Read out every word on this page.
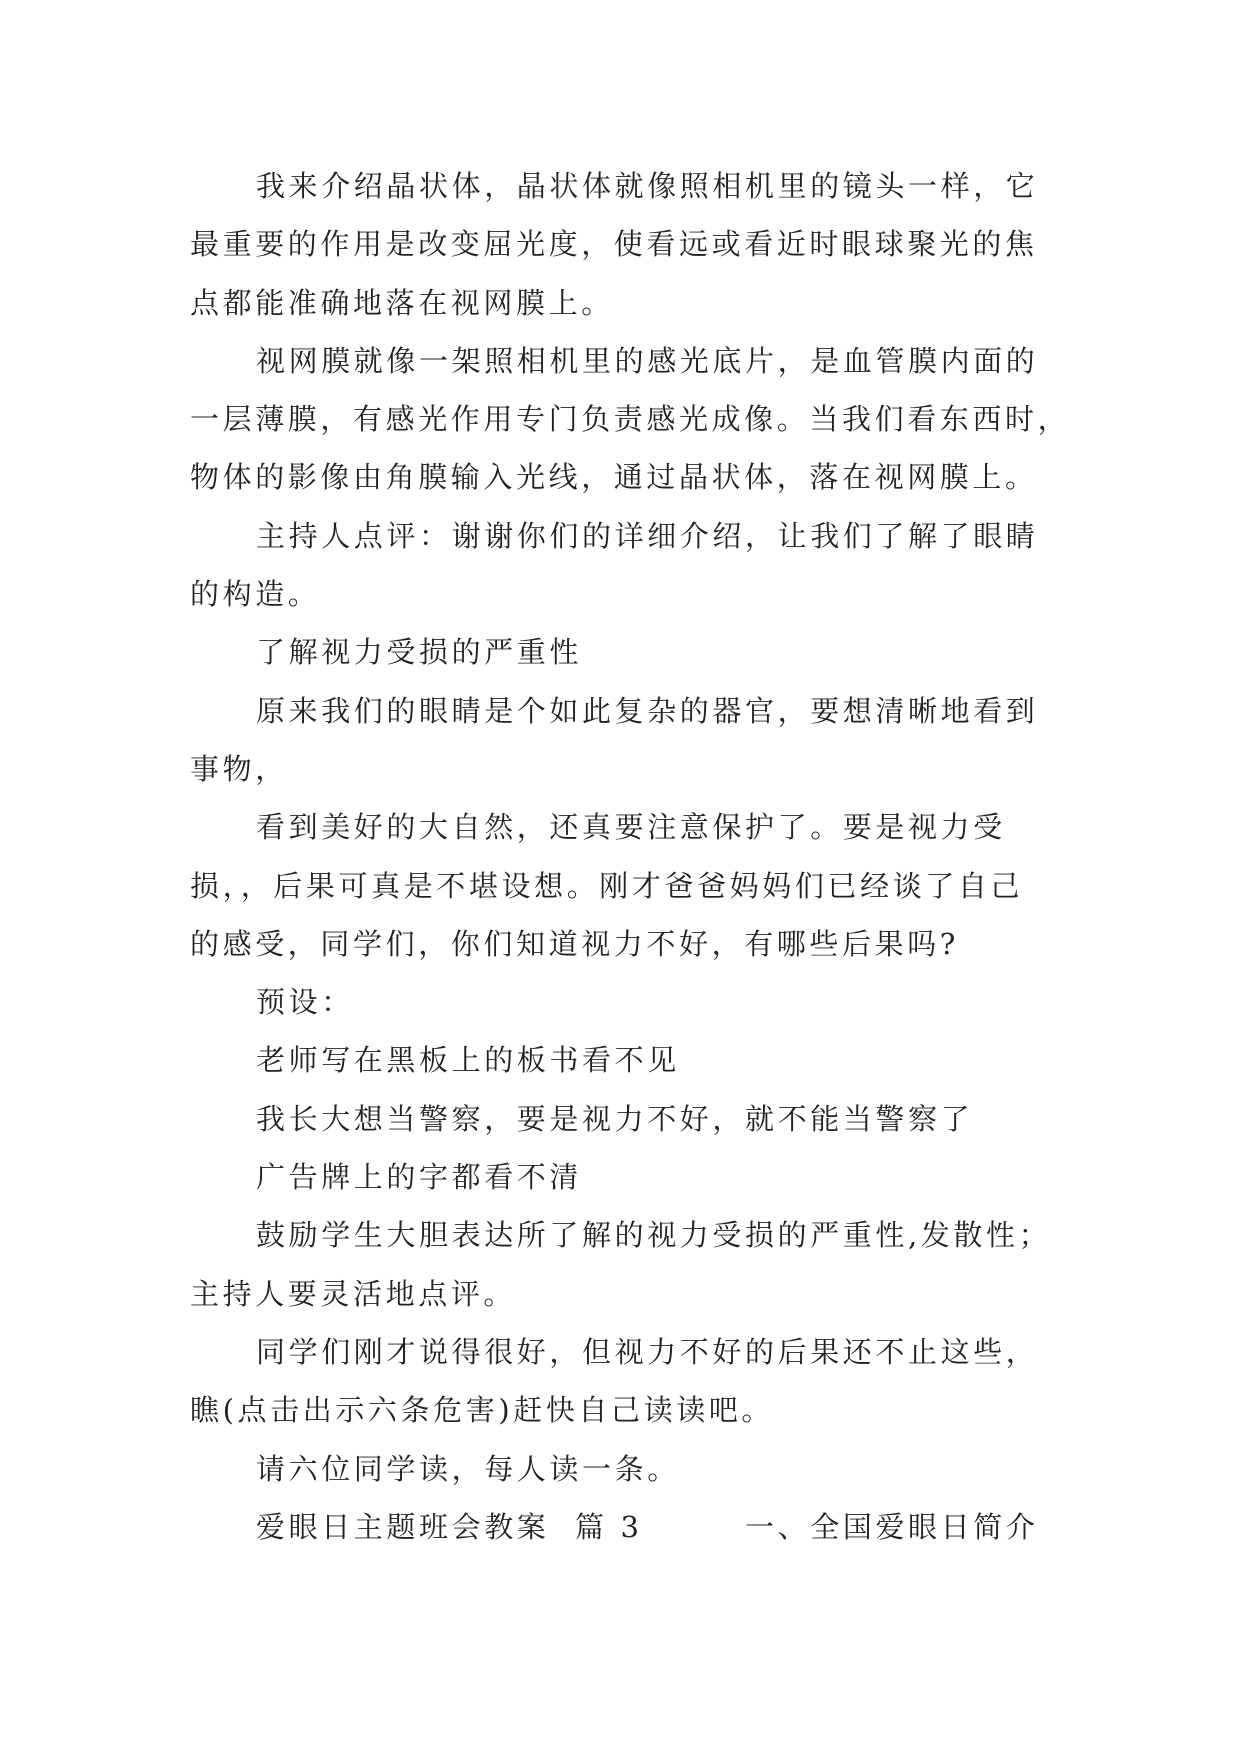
我来介绍晶状体，晶状体就像照相机里的镜头一样，它
最重要的作用是改变屈光度，使看远或看近时眼球聚光的焦
点都能准确地落在视网膜上。
视网膜就像一架照相机里的感光底片，是血管膜内面的
一层薄膜，有感光作用专门负责感光成像。当我们看东西时，
物体的影像由角膜输入光线，通过晶状体，落在视网膜上。
主持人点评：谢谢你们的详细介绍，让我们了解了眼睛
的构造。
了解视力受损的严重性
原来我们的眼睛是个如此复杂的器官，要想清晰地看到
事物，
看到美好的大自然，还真要注意保护了。要是视力受
损，，后果可真是不堪设想。刚才爸爸妈妈们已经谈了自己
的感受，同学们，你们知道视力不好，有哪些后果吗?
预设：
老师写在黑板上的板书看不见
我长大想当警察，要是视力不好，就不能当警察了
广告牌上的字都看不清
鼓励学生大胆表达所了解的视力受损的严重性,发散性；
主持人要灵活地点评。
同学们刚才说得很好，但视力不好的后果还不止这些，
瞧(点击出示六条危害)赶快自己读读吧。
请六位同学读，每人读一条。
爱眼日主题班会教案  篇 3        一、全国爱眼日简介
